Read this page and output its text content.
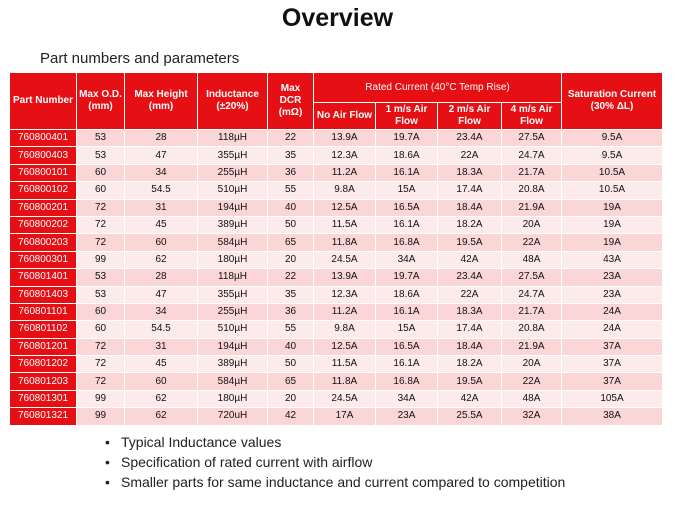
Overview
Part numbers and parameters
Part Number	Max O.D. (mm)	Max Height (mm)	Inductance (±20%)	Max DCR (mΩ)	Rated Current (40°C Temp Rise)				Saturation Current (30% ΔL)
					No Air Flow	1 m/s Air Flow	2 m/s Air Flow	4 m/s Air Flow	
760800401	53	28	118µH	22	13.9A	19.7A	23.4A	27.5A	9.5A
760800403	53	47	355µH	35	12.3A	18.6A	22A	24.7A	9.5A
760800101	60	34	255µH	36	11.2A	16.1A	18.3A	21.7A	10.5A
760800102	60	54.5	510µH	55	9.8A	15A	17.4A	20.8A	10.5A
760800201	72	31	194µH	40	12.5A	16.5A	18.4A	21.9A	19A
760800202	72	45	389µH	50	11.5A	16.1A	18.2A	20A	19A
760800203	72	60	584µH	65	11.8A	16.8A	19.5A	22A	19A
760800301	99	62	180µH	20	24.5A	34A	42A	48A	43A
760801401	53	28	118µH	22	13.9A	19.7A	23.4A	27.5A	23A
760801403	53	47	355µH	35	12.3A	18.6A	22A	24.7A	23A
760801101	60	34	255µH	36	11.2A	16.1A	18.3A	21.7A	24A
760801102	60	54.5	510µH	55	9.8A	15A	17.4A	20.8A	24A
760801201	72	31	194µH	40	12.5A	16.5A	18.4A	21.9A	37A
760801202	72	45	389µH	50	11.5A	16.1A	18.2A	20A	37A
760801203	72	60	584µH	65	11.8A	16.8A	19.5A	22A	37A
760801301	99	62	180µH	20	24.5A	34A	42A	48A	105A
760801321	99	62	720uH	42	17A	23A	25.5A	32A	38A
• Typical Inductance values
• Specification of rated current with airflow
• Smaller parts for same inductance and current compared to competition
